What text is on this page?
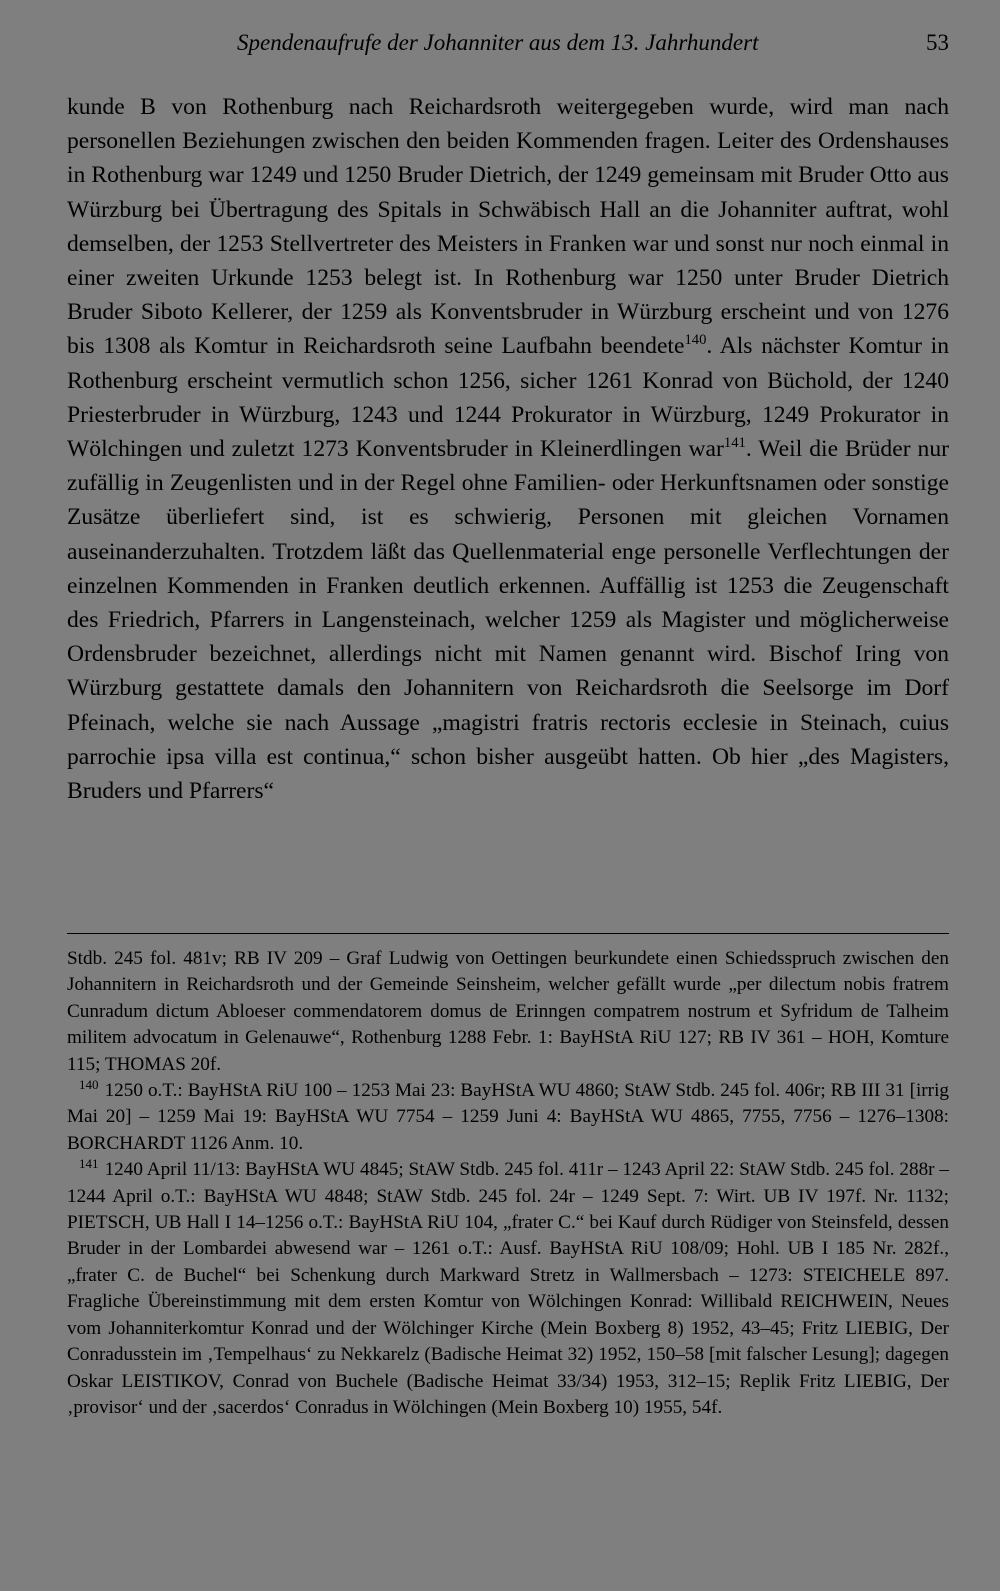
Spendenaufrufe der Johanniter aus dem 13. Jahrhundert	53

kunde B von Rothenburg nach Reichardsroth weitergegeben wurde, wird man nach personellen Beziehungen zwischen den beiden Kommenden fragen. Leiter des Ordenshauses in Rothenburg war 1249 und 1250 Bruder Dietrich, der 1249 gemeinsam mit Bruder Otto aus Würzburg bei Übertragung des Spitals in Schwäbisch Hall an die Johanniter auftrat, wohl demselben, der 1253 Stellvertreter des Meisters in Franken war und sonst nur noch einmal in einer zweiten Urkunde 1253 belegt ist. In Rothenburg war 1250 unter Bruder Dietrich Bruder Siboto Kellerer, der 1259 als Konventsbruder in Würzburg erscheint und von 1276 bis 1308 als Komtur in Reichardsroth seine Laufbahn beendete$^{140}$. Als nächster Komtur in Rothenburg erscheint vermutlich schon 1256, sicher 1261 Konrad von Büchold, der 1240 Priesterbruder in Würzburg, 1243 und 1244 Prokurator in Würzburg, 1249 Prokurator in Wölchingen und zuletzt 1273 Konventsbruder in Kleinerdlingen war$^{141}$. Weil die Brüder nur zufällig in Zeugenlisten und in der Regel ohne Familien- oder Herkunftsnamen oder sonstige Zusätze überliefert sind, ist es schwierig, Personen mit gleichen Vornamen auseinanderzuhalten. Trotzdem läßt das Quellenmaterial enge personelle Verflechtungen der einzelnen Kommenden in Franken deutlich erkennen. Auffällig ist 1253 die Zeugenschaft des Friedrich, Pfarrers in Langensteinach, welcher 1259 als Magister und möglicherweise Ordensbruder bezeichnet, allerdings nicht mit Namen genannt wird. Bischof Iring von Würzburg gestattete damals den Johannitern von Reichardsroth die Seelsorge im Dorf Pfeinach, welche sie nach Aussage „magistri fratris rectoris ecclesie in Steinach, cuius parrochie ipsa villa est continua,“ schon bisher ausgeübt hatten. Ob hier „des Magisters, Bruders und Pfarrers“

Stdb. 245 fol. 481v; RB IV 209 – Graf Ludwig von Oettingen beurkundete einen Schiedsspruch zwischen den Johannitern in Reichardsroth und der Gemeinde Seinsheim, welcher gefällt wurde „per dilectum nobis fratrem Cunradum dictum Abloeser commendatorem domus de Erinngen compatrem nostrum et Syfridum de Talheim militem advocatum in Gelenauwe“, Rothenburg 1288 Febr. 1: BayHStA RiU 127; RB IV 361 – HOH, Komture 115; THOMAS 20f.

$^{140}$ 1250 o.T.: BayHStA RiU 100 – 1253 Mai 23: BayHStA WU 4860; StAW Stdb. 245 fol. 406r; RB III 31 [irrig Mai 20] – 1259 Mai 19: BayHStA WU 7754 – 1259 Juni 4: BayHStA WU 4865, 7755, 7756 – 1276–1308: BORCHARDT 1126 Anm. 10.

$^{141}$ 1240 April 11/13: BayHStA WU 4845; StAW Stdb. 245 fol. 411r – 1243 April 22: StAW Stdb. 245 fol. 288r – 1244 April o.T.: BayHStA WU 4848; StAW Stdb. 245 fol. 24r – 1249 Sept. 7: Wirt. UB IV 197f. Nr. 1132; PIETSCH, UB Hall I 14–1256 o.T.: BayHStA RiU 104, „frater C.“ bei Kauf durch Rüdiger von Steinsfeld, dessen Bruder in der Lombardei abwesend war – 1261 o.T.: Ausf. BayHStA RiU 108/09; Hohl. UB I 185 Nr. 282f., „frater C. de Buchel“ bei Schenkung durch Markward Stretz in Wallmersbach – 1273: STEICHELE 897. Fragliche Übereinstimmung mit dem ersten Komtur von Wölchingen Konrad: Willibald REICHWEIN, Neues vom Johanniterkomtur Konrad und der Wölchinger Kirche (Mein Boxberg 8) 1952, 43–45; Fritz LIEBIG, Der Conradusstein im ‚Tempelhaus‘ zu Nekkarelz (Badische Heimat 32) 1952, 150–58 [mit falscher Lesung]; dagegen Oskar LEISTIKOV, Conrad von Buchele (Badische Heimat 33/34) 1953, 312–15; Replik Fritz LIEBIG, Der ‚provisor‘ und der ‚sacerdos‘ Conradus in Wölchingen (Mein Boxberg 10) 1955, 54f.
